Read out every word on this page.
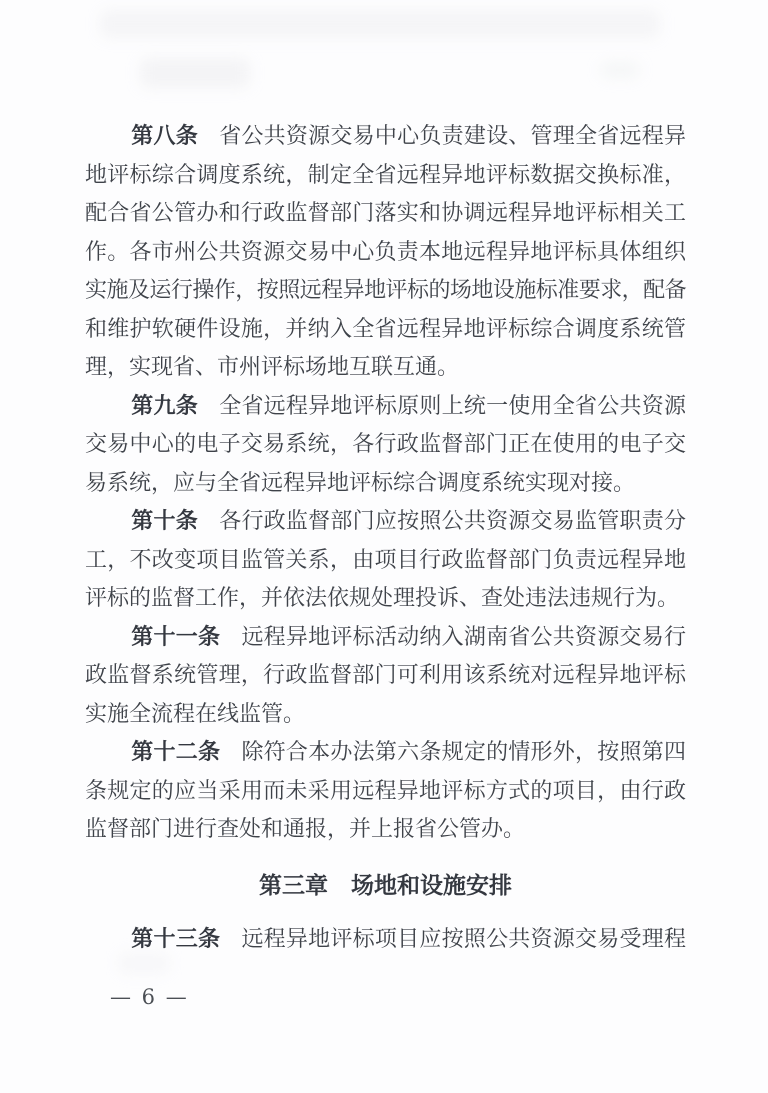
第八条 省公共资源交易中心负责建设、管理全省远程异
地评标综合调度系统，制定全省远程异地评标数据交换标准，
配合省公管办和行政监督部门落实和协调远程异地评标相关工
作。各市州公共资源交易中心负责本地远程异地评标具体组织
实施及运行操作，按照远程异地评标的场地设施标准要求，配备
和维护软硬件设施，并纳入全省远程异地评标综合调度系统管
理，实现省、市州评标场地互联互通。
第九条 全省远程异地评标原则上统一使用全省公共资源
交易中心的电子交易系统，各行政监督部门正在使用的电子交
易系统，应与全省远程异地评标综合调度系统实现对接。
第十条 各行政监督部门应按照公共资源交易监管职责分
工，不改变项目监管关系，由项目行政监督部门负责远程异地
评标的监督工作，并依法依规处理投诉、查处违法违规行为。
第十一条 远程异地评标活动纳入湖南省公共资源交易行
政监督系统管理，行政监督部门可利用该系统对远程异地评标
实施全流程在线监管。
第十二条 除符合本办法第六条规定的情形外，按照第四
条规定的应当采用而未采用远程异地评标方式的项目，由行政
监督部门进行查处和通报，并上报省公管办。
第三章 场地和设施安排
第十三条 远程异地评标项目应按照公共资源交易受理程
— 6 —
